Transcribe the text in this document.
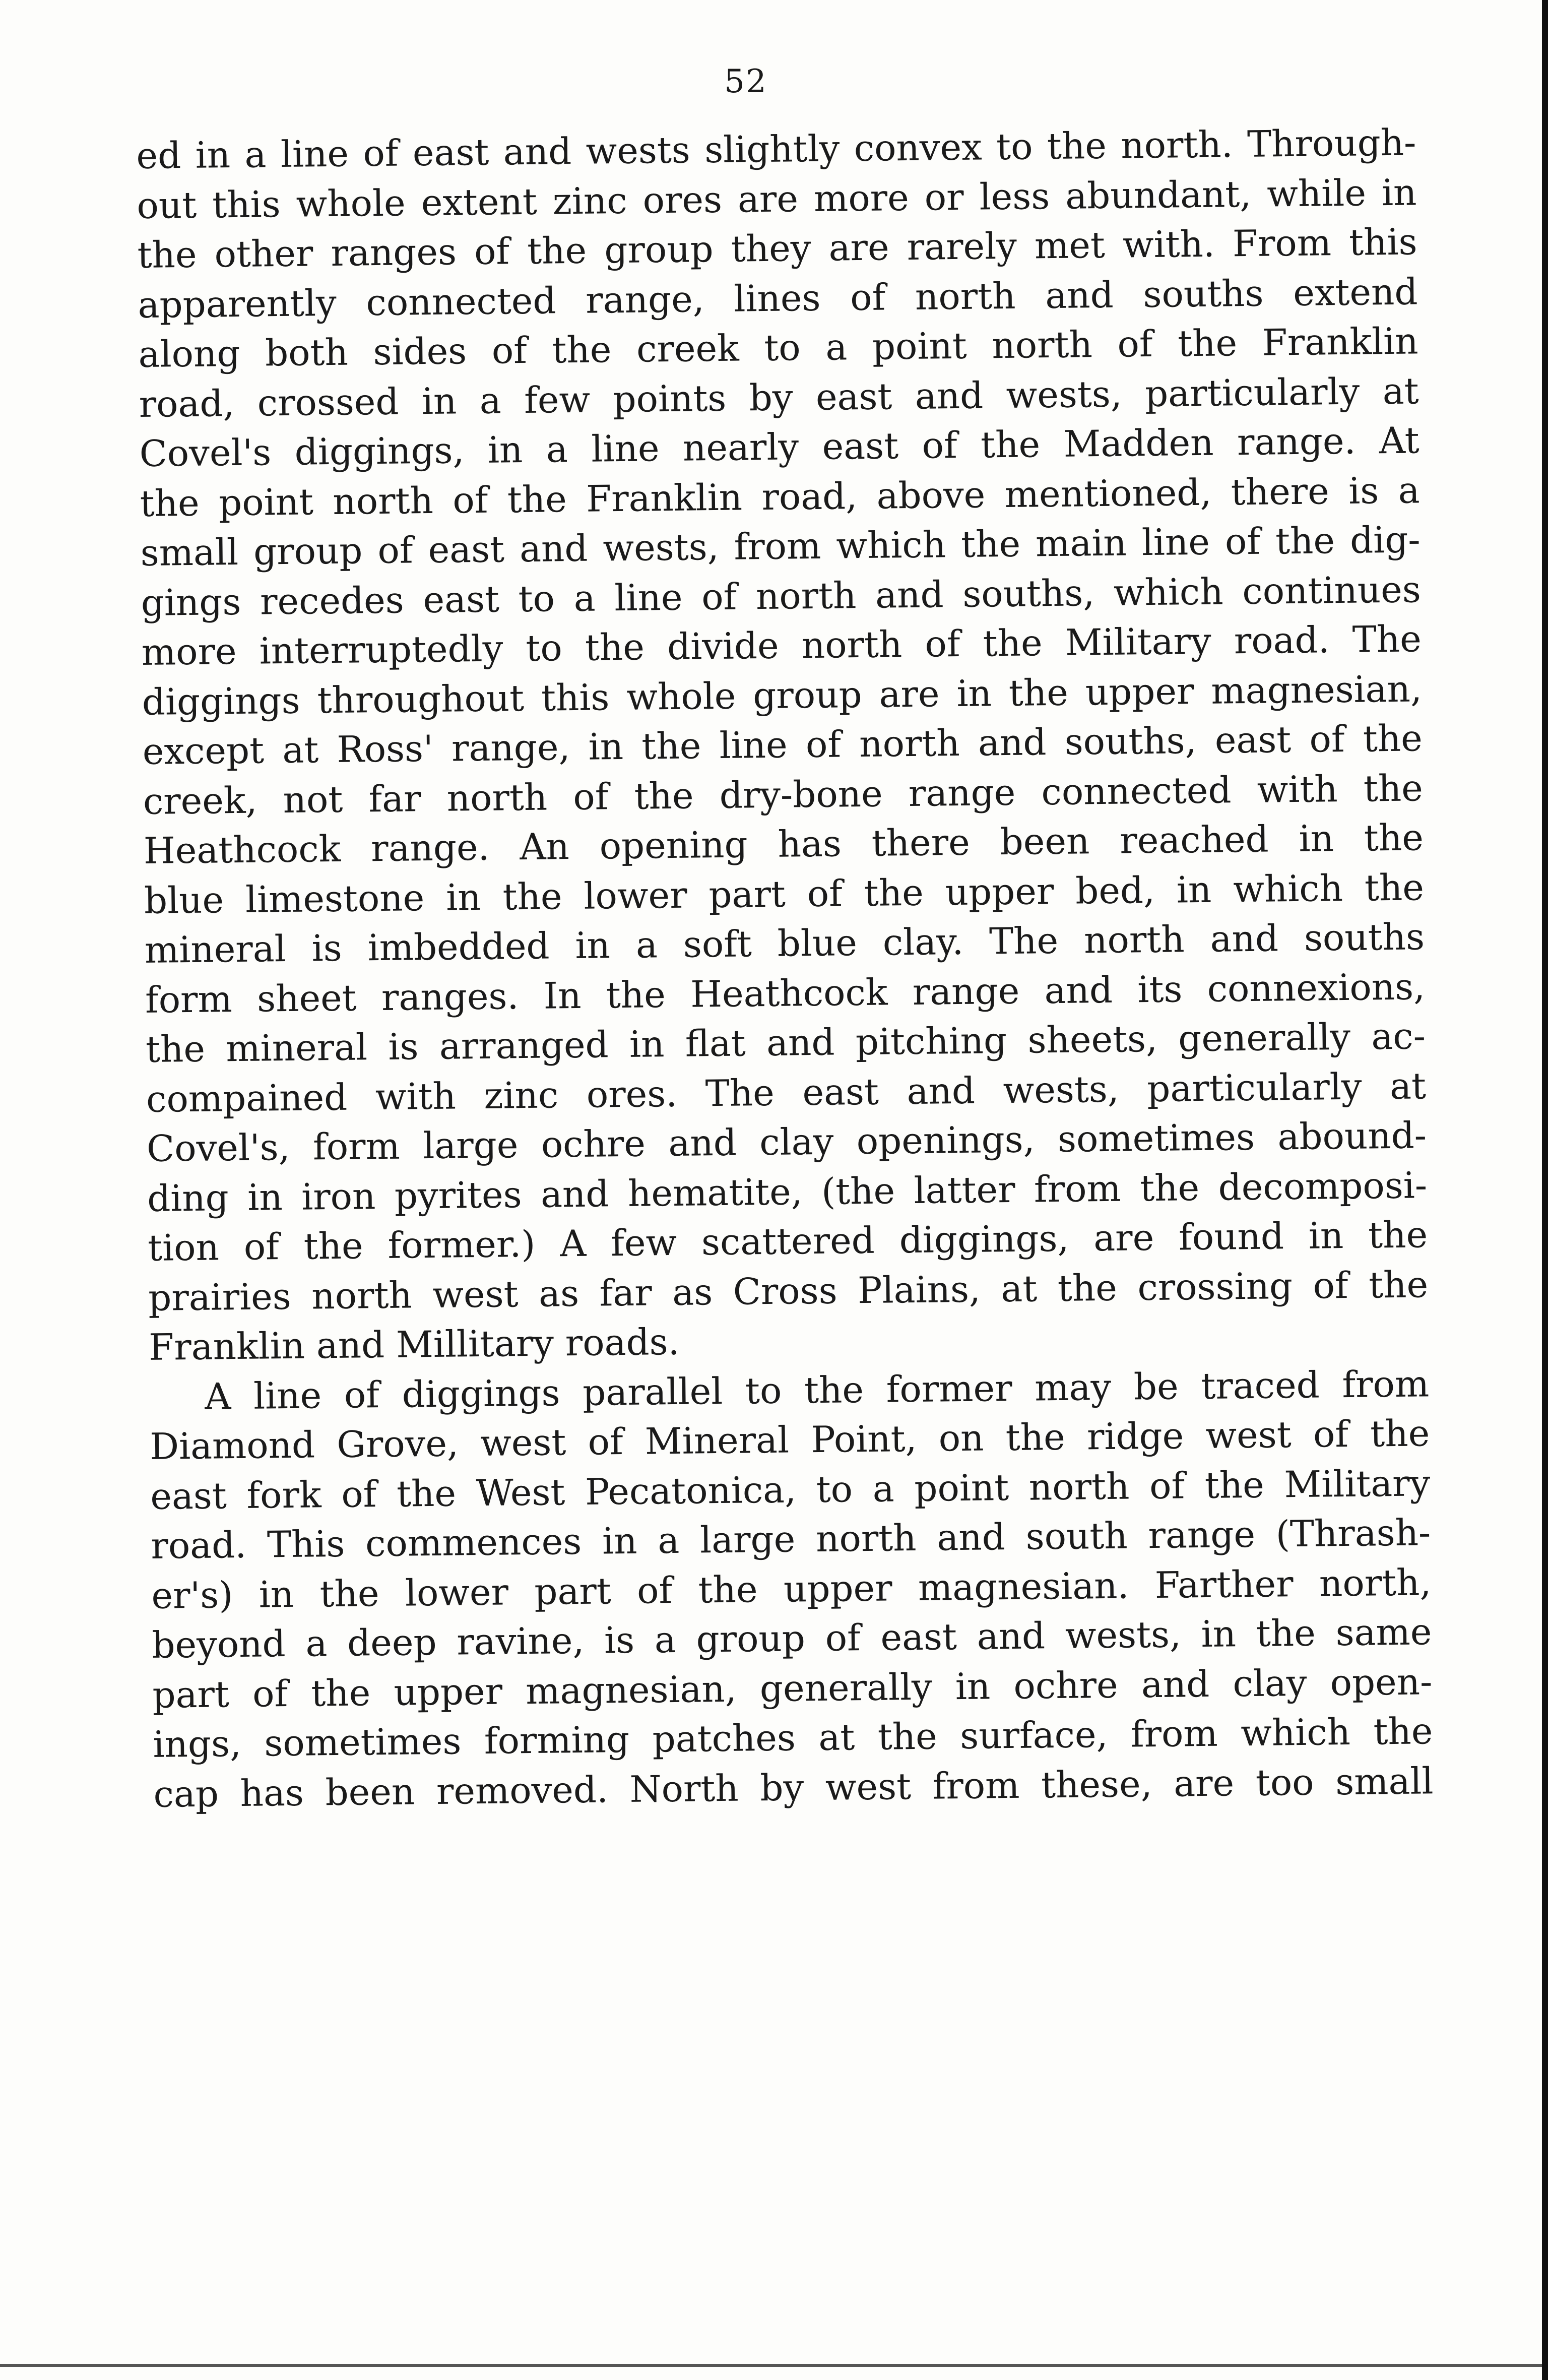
52
ed in a line of east and wests slightly convex to the north. Through-
out this whole extent zinc ores are more or less abundant, while in
the other ranges of the group they are rarely met with. From this
apparently connected range, lines of north and souths extend
along both sides of the creek to a point north of the Franklin
road, crossed in a few points by east and wests, particularly at
Covel's diggings, in a line nearly east of the Madden range. At
the point north of the Franklin road, above mentioned, there is a
small group of east and wests, from which the main line of the dig-
gings recedes east to a line of north and souths, which continues
more interruptedly to the divide north of the Military road. The
diggings throughout this whole group are in the upper magnesian,
except at Ross' range, in the line of north and souths, east of the
creek, not far north of the dry-bone range connected with the
Heathcock range. An opening has there been reached in the
blue limestone in the lower part of the upper bed, in which the
mineral is imbedded in a soft blue clay. The north and souths
form sheet ranges. In the Heathcock range and its connexions,
the mineral is arranged in flat and pitching sheets, generally ac-
compained with zinc ores. The east and wests, particularly at
Covel's, form large ochre and clay openings, sometimes abound-
ding in iron pyrites and hematite, (the latter from the decomposi-
tion of the former.) A few scattered diggings, are found in the
prairies north west as far as Cross Plains, at the crossing of the
Franklin and Millitary roads.
A line of diggings parallel to the former may be traced from
Diamond Grove, west of Mineral Point, on the ridge west of the
east fork of the West Pecatonica, to a point north of the Military
road. This commences in a large north and south range (Thrash-
er's) in the lower part of the upper magnesian. Farther north,
beyond a deep ravine, is a group of east and wests, in the same
part of the upper magnesian, generally in ochre and clay open-
ings, sometimes forming patches at the surface, from which the
cap has been removed. North by west from these, are too small
